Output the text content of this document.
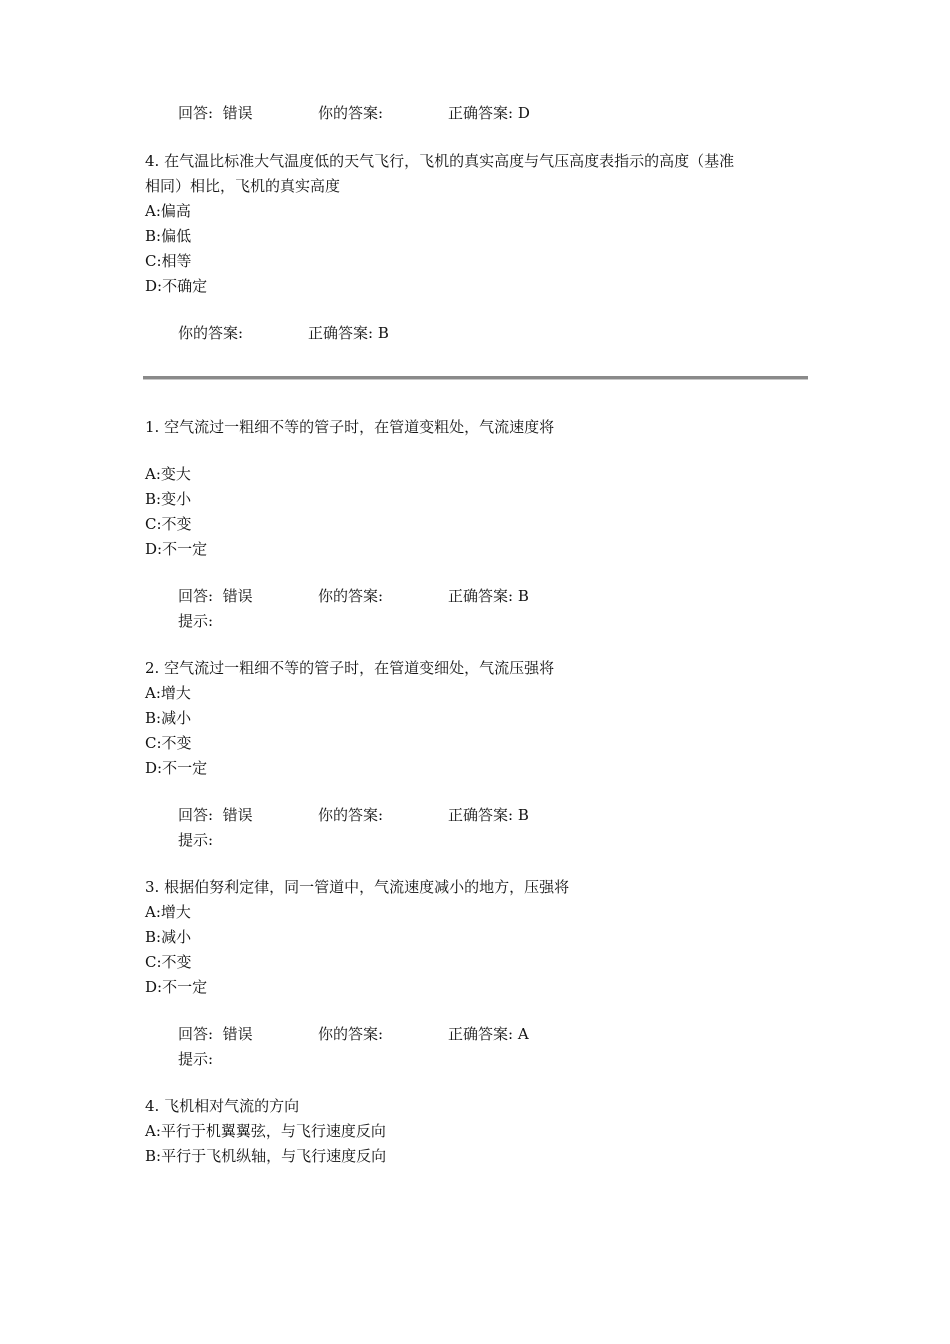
回答: 错误	你的答案:	正确答案: D
4. 在气温比标准大气温度低的天气飞行，飞机的真实高度与气压高度表指示的高度（基准
相同）相比，飞机的真实高度
A:偏高
B:偏低
C:相等
D:不确定
你的答案:	正确答案: B
1. 空气流过一粗细不等的管子时，在管道变粗处，气流速度将
A:变大
B:变小
C:不变
D:不一定
回答: 错误	你的答案:	正确答案: B
提示:
2. 空气流过一粗细不等的管子时，在管道变细处，气流压强将
A:增大
B:减小
C:不变
D:不一定
回答: 错误	你的答案:	正确答案: B
提示:
3. 根据伯努利定律，同一管道中，气流速度减小的地方，压强将
A:增大
B:减小
C:不变
D:不一定
回答: 错误	你的答案:	正确答案: A
提示:
4. 飞机相对气流的方向
A:平行于机翼翼弦，与飞行速度反向
B:平行于飞机纵轴，与飞行速度反向
